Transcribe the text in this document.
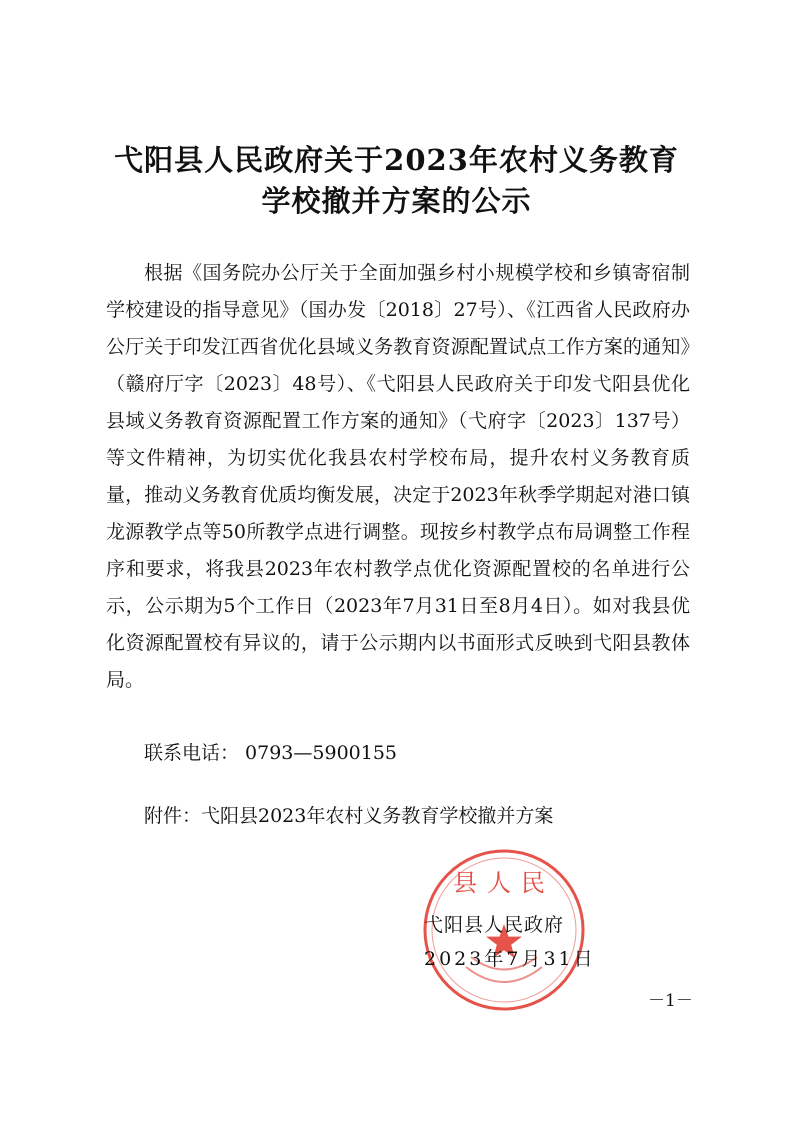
弋阳县人民政府关于2023年农村义务教育
学校撤并方案的公示

根据《国务院办公厅关于全面加强乡村小规模学校和乡镇寄宿制学校建设的指导意见》（国办发〔2018〕27号）、《江西省人民政府办公厅关于印发江西省优化县域义务教育资源配置试点工作方案的通知》（赣府厅字〔2023〕48号）、《弋阳县人民政府关于印发弋阳县优化县域义务教育资源配置工作方案的通知》（弋府字〔2023〕137号）等文件精神，为切实优化我县农村学校布局，提升农村义务教育质量，推动义务教育优质均衡发展，决定于2023年秋季学期起对港口镇龙源教学点等50所教学点进行调整。现按乡村教学点布局调整工作程序和要求，将我县2023年农村教学点优化资源配置校的名单进行公示，公示期为5个工作日（2023年7月31日至8月4日）。如对我县优化资源配置校有异议的，请于公示期内以书面形式反映到弋阳县教体局。

联系电话： 0793—5900155
附件：弋阳县2023年农村义务教育学校撤并方案
县人民
弋阳县人民政府
2023年7月31日
－1－
